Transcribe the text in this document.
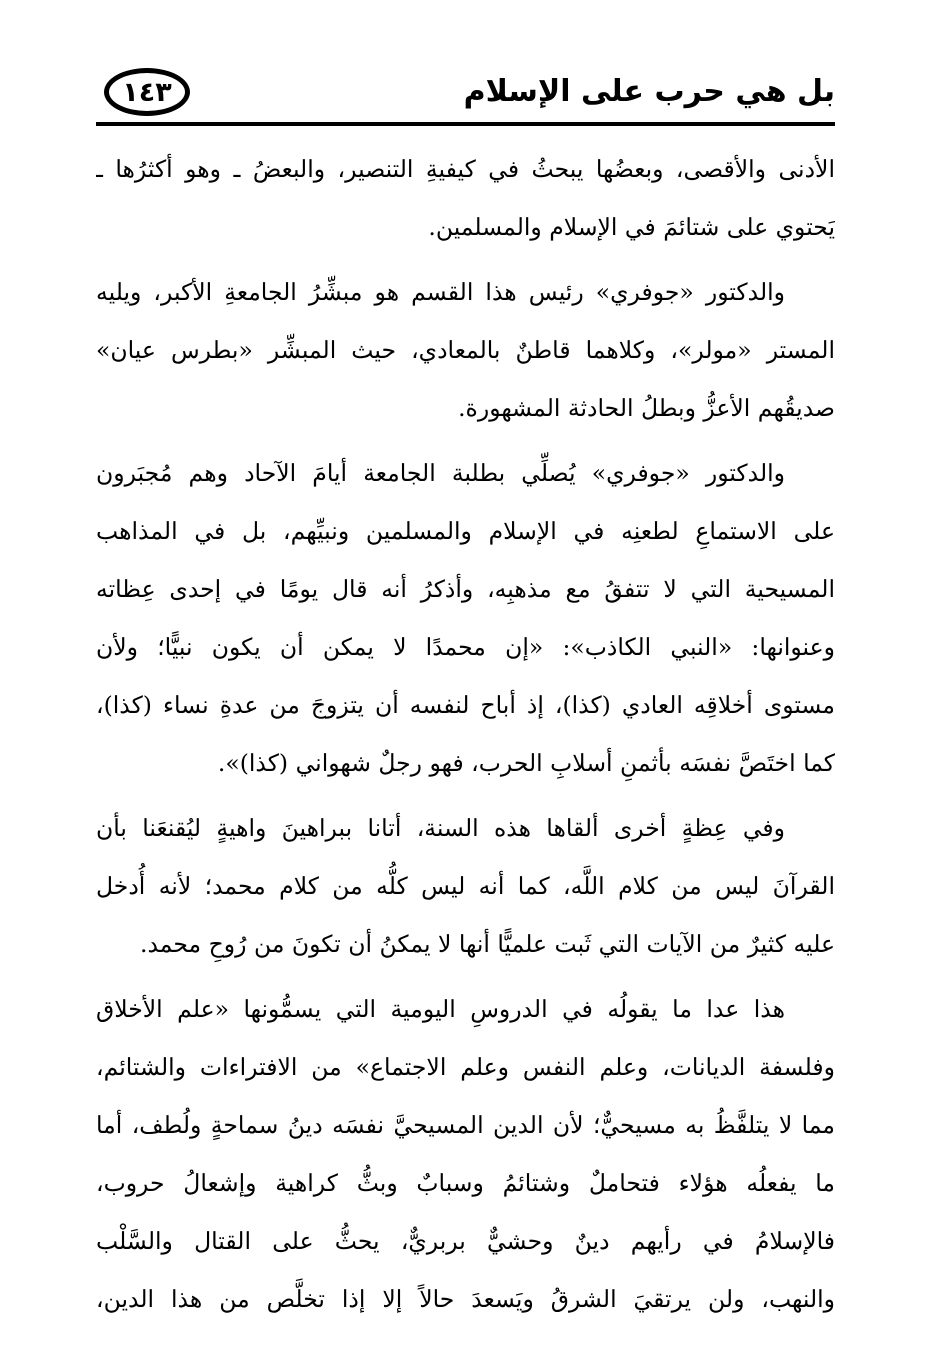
بل هي حرب على الإسلام
١٤٣
الأدنى والأقصى، وبعضُها يبحثُ في كيفيةِ التنصير، والبعضُ ـ وهو أكثرُها ـ
يَحتوي على شتائمَ في الإسلام والمسلمين.
والدكتور «جوفري» رئيس هذا القسم هو مبشِّرُ الجامعةِ الأكبر، ويليه
المستر «مولر»، وكلاهما قاطنٌ بالمعادي، حيث المبشِّر «بطرس عيان»
صديقُهم الأعزُّ وبطلُ الحادثة المشهورة.
والدكتور «جوفري» يُصلِّي بطلبة الجامعة أيامَ الآحاد وهم مُجبَرون
على الاستماعِ لطعنِه في الإسلام والمسلمين ونبيِّهم، بل في المذاهب
المسيحية التي لا تتفقُ مع مذهبِه، وأذكرُ أنه قال يومًا في إحدى عِظاته
وعنوانها: «النبي الكاذب»: «إن محمدًا لا يمكن أن يكون نبيًّا؛ ولأن
مستوى أخلاقِه العادي (كذا)، إذ أباح لنفسه أن يتزوجَ من عدةِ نساء (كذا)،
كما اختَصَّ نفسَه بأثمنِ أسلابِ الحرب، فهو رجلٌ شهواني (كذا)».
وفي عِظةٍ أخرى ألقاها هذه السنة، أتانا ببراهينَ واهيةٍ ليُقنعَنا بأن
القرآنَ ليس من كلام اللَّه، كما أنه ليس كلُّه من كلام محمد؛ لأنه أُدخل
عليه كثيرٌ من الآيات التي ثَبت علميًّا أنها لا يمكنُ أن تكونَ من رُوحِ محمد.
هذا عدا ما يقولُه في الدروسِ اليومية التي يسمُّونها «علم الأخلاق
وفلسفة الديانات، وعلم النفس وعلم الاجتماع» من الافتراءات والشتائم،
مما لا يتلفَّظُ به مسيحيٌّ؛ لأن الدين المسيحيَّ نفسَه دينُ سماحةٍ ولُطف، أما
ما يفعلُه هؤلاء فتحاملٌ وشتائمُ وسبابٌ وبثُّ كراهية وإشعالُ حروب،
فالإسلامُ في رأيهم دينٌ وحشيٌّ بربريٌّ، يحثُّ على القتال والسَّلْب
والنهب، ولن يرتقيَ الشرقُ ويَسعدَ حالاً إلا إذا تخلَّص من هذا الدين،
